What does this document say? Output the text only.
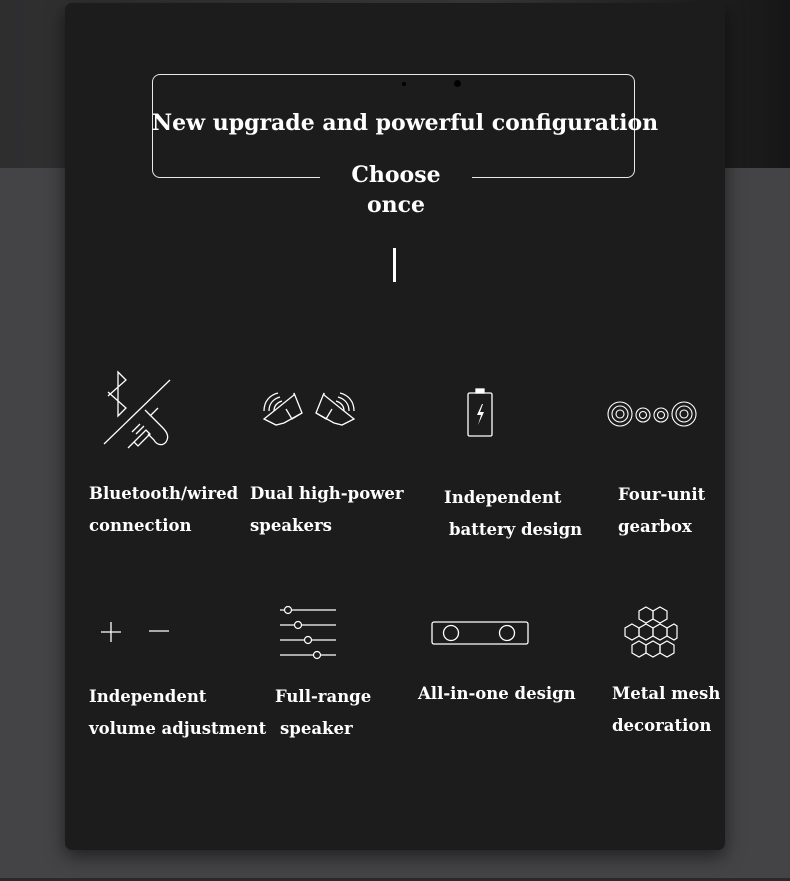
New upgrade and powerful configuration
Choose once
Bluetooth/wired
connection
Dual high-power
speakers
Independent
battery design
Four-unit
gearbox
Independent
volume adjustment
Full-range
speaker
All-in-one design Metal mesh
decoration
